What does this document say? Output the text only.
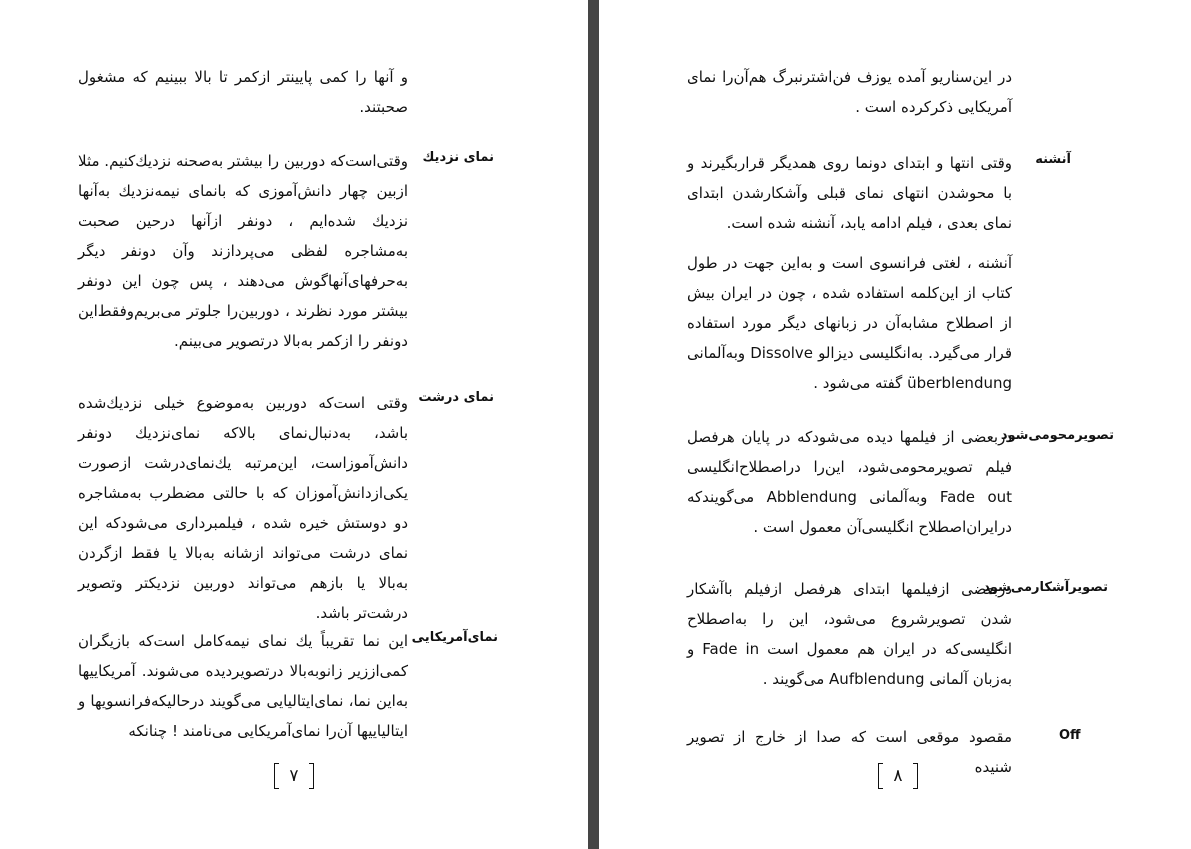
و آنها را کمی پایینتر ازکمر تا بالا ببینیم که مشغول صحبتند.
نمای نزدیك
وقتی‌است‌که دوربین را بیشتر بەصحنه نزدیك‌کنیم. مثلا ازبین چهار دانش‌آموزی که بانمای نیمه‌نزدیك به‌آنها نزدیك شده‌ایم ، دونفر ازآنها درحین صحبت به‌مشاجره لفظی می‌پردازند وآن دونفر دیگر به‌حرفهای‌آنها‌گوش می‌دهند ، پس چون این دونفر بیشتر مورد نظرند ، دوربین‌را جلوتر می‌بریم‌وفقط‌این دونفر را ازکمر به‌بالا درتصویر می‌بینم.
نمای درشت
وقتی است‌که دوربین به‌موضوع خیلی نزدیك‌شده باشد، به‌دنبال‌نمای بالاکه نمای‌نزدیك دونفر دانش‌آموزاست، این‌مرتبه یك‌نمای‌درشت ازصورت یکی‌ازدانش‌آموزان که با حالتی مضطرب بەمشاجره دو دوستش خیره شده ، فیلمبرداری می‌شودکه این نمای درشت می‌تواند ازشانه به‌بالا یا فقط ازگردن به‌بالا یا بازهم می‌تواند دوربین نزدیکتر وتصویر درشت‌تر باشد.
نمای‌آمریکایی
این نما تقریباً یك نمای نیمه‌کامل است‌که بازیگران کمی‌اززیر زانوبه‌بالا درتصویردیده می‌شوند. آمریکاییها به‌این نما، نمای‌ایتالیایی می‌گویند درحالیکه‌فرانسویها و ایتالیاییها آن‌را نمای‌آمریکایی می‌نامند ! چنانکه
٧
در این‌سناریو آمده یوزف فن‌اشترنبرگ هم‌آن‌را نمای آمریکایی ذکرکرده است .
آنشنه
وقتی انتها و ابتدای دونما روی همدیگر قرار‌بگیرند و با محوشدن انتهای نمای قبلی وآشکارشدن ابتدای نمای بعدی ، فیلم ادامه یابد، آنشنه شده است.
آنشنه ، لغتی فرانسوی است و به‌این جهت در طول کتاب از این‌کلمه استفاده شده ، چون در ایران بیش از اصطلاح مشابه‌آن در زبانهای دیگر مورد استفاده قرار می‌گیرد. به‌انگلیسی دیزالو Dissolve وبه‌آلمانی überblendung گفته می‌شود .
تصویرمحومی‌شود
دربعضی از فیلمها دیده می‌شودکه در پایان هرفصل فیلم تصویرمحومی‌شود، این‌را دراصطلاح‌انگلیسی Fade out وبه‌آلمانی Abblendung می‌گویندکه درایران‌اصطلاح انگلیسی‌آن معمول است .
تصویرآشکارمی‌شود
دربعضی ازفیلمها ابتدای هرفصل ازفیلم باآشکار شدن تصویرشروع می‌شود، این را به‌اصطلاح انگلیسی‌که در ایران هم معمول است Fade in و به‌زبان آلمانی Aufblendung می‌گویند .
Off
مقصود موقعی است که صدا از خارج از تصویر شنیده
٨
